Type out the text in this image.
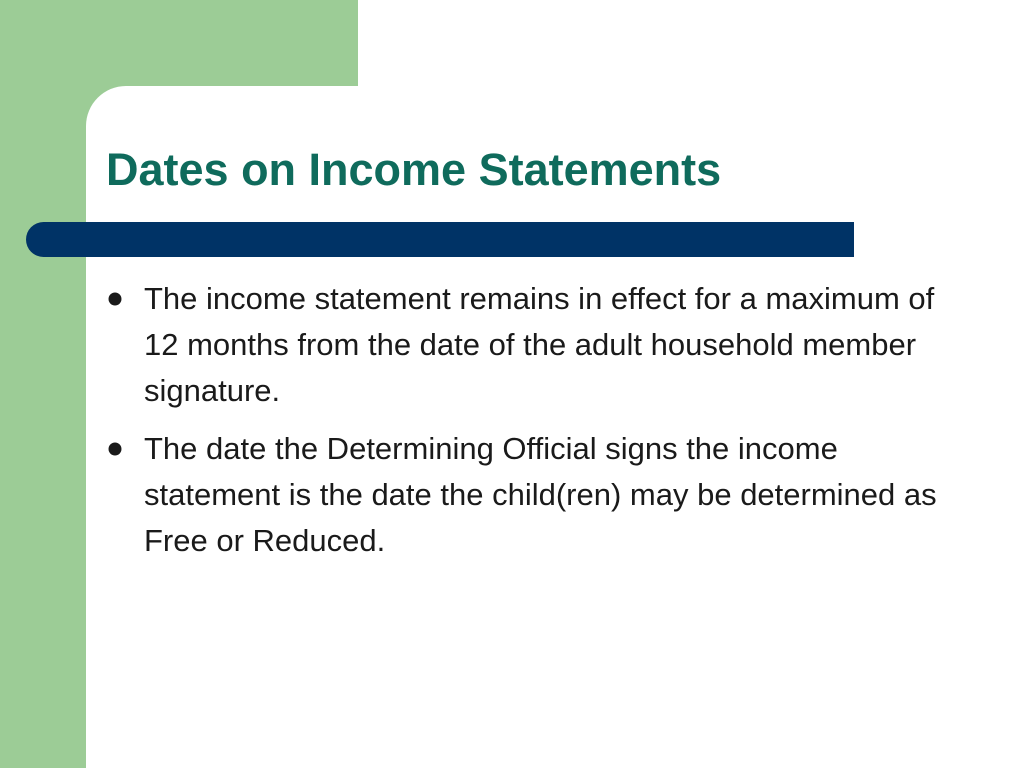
Dates on Income Statements
The income statement remains in effect for a maximum of 12 months from the date of the adult household member signature.
The date the Determining Official signs the income statement is the date the child(ren) may be determined as Free or Reduced.
